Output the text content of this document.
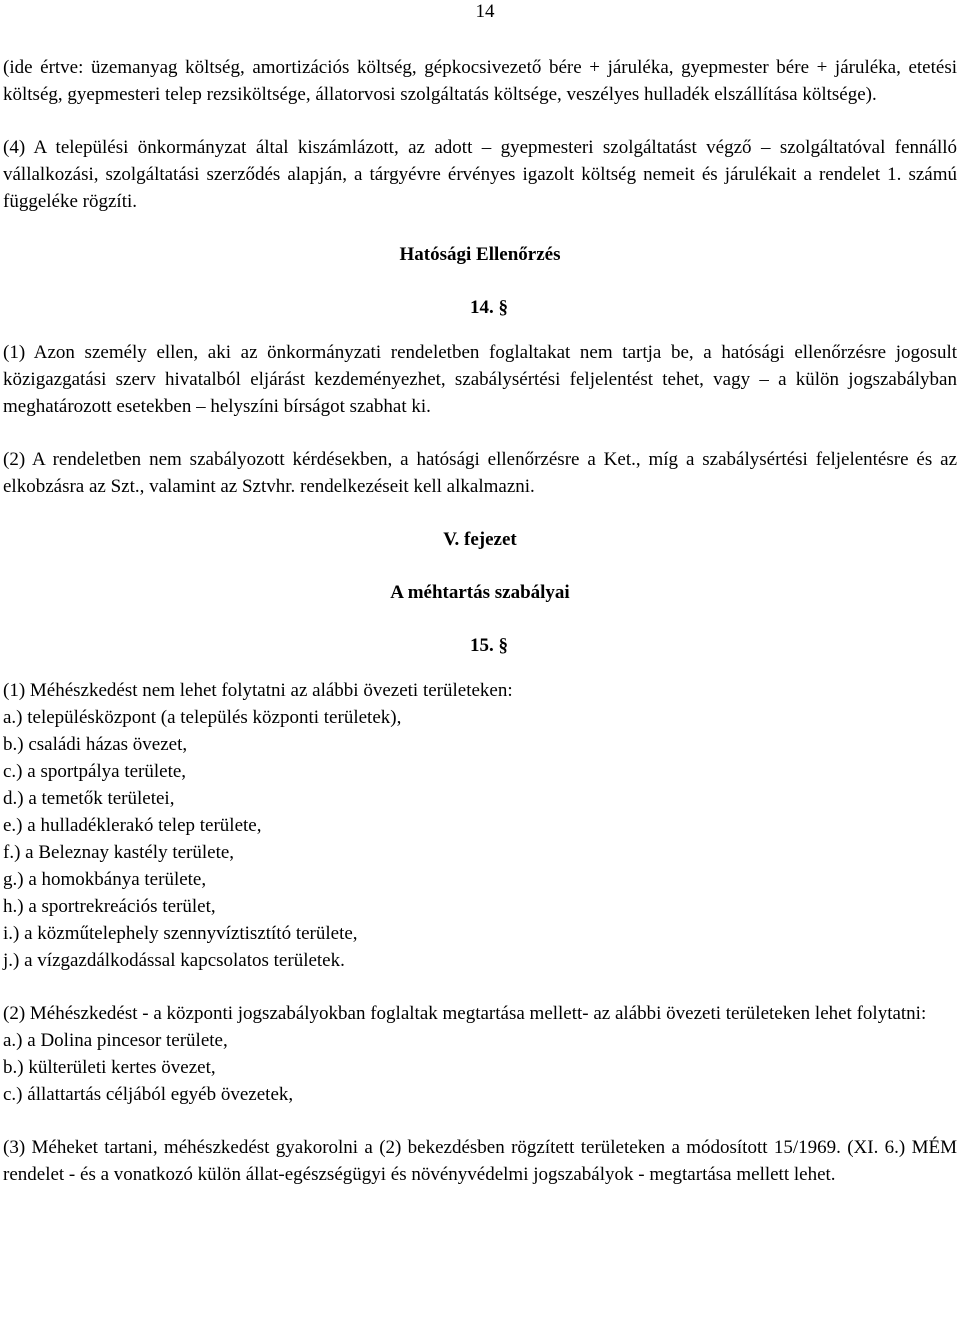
14

(ide értve: üzemanyag költség, amortizációs költség, gépkocsivezető bére + járuléka, gyepmester bére + járuléka, etetési költség, gyepmesteri telep rezsiköltsége, állatorvosi szolgáltatás költsége, veszélyes hulladék elszállítása költsége).

(4) A települési önkormányzat által kiszámlázott, az adott – gyepmesteri szolgáltatást végző – szolgáltatóval fennálló vállalkozási, szolgáltatási szerződés alapján, a tárgyévre érvényes igazolt költség nemeit és járulékait a rendelet 1. számú függeléke rögzíti.

Hatósági Ellenőrzés

14. §

(1) Azon személy ellen, aki az önkormányzati rendeletben foglaltakat nem tartja be, a hatósági ellenőrzésre jogosult közigazgatási szerv hivatalból eljárást kezdeményezhet, szabálysértési feljelentést tehet, vagy – a külön jogszabályban meghatározott esetekben – helyszíni bírságot szabhat ki.

(2) A rendeletben nem szabályozott kérdésekben, a hatósági ellenőrzésre a Ket., míg a szabálysértési feljelentésre és az elkobzásra az Szt., valamint az Sztvhr. rendelkezéseit kell alkalmazni.

V. fejezet

A méhtartás szabályai

15. §

(1) Méhészkedést nem lehet folytatni az alábbi övezeti területeken:

a.) településközpont (a település központi területek),

b.) családi házas övezet,

c.) a sportpálya területe,

d.) a temetők területei,

e.) a hulladéklerakó telep területe,

f.) a Beleznay kastély területe,

g.) a homokbánya területe,

h.) a sportrekreációs terület,

i.) a közműtelephely szennyvíztisztító területe,

j.) a vízgazdálkodással kapcsolatos területek.

(2) Méhészkedést - a központi jogszabályokban foglaltak megtartása mellett- az alábbi övezeti területeken lehet folytatni:

a.) a Dolina pincesor területe,

b.) külterületi kertes övezet,

c.) állattartás céljából egyéb övezetek,

(3) Méheket tartani, méhészkedést gyakorolni a (2) bekezdésben rögzített területeken a módosított 15/1969. (XI. 6.) MÉM rendelet - és a vonatkozó külön állat-egészségügyi és növényvédelmi jogszabályok - megtartása mellett lehet.
